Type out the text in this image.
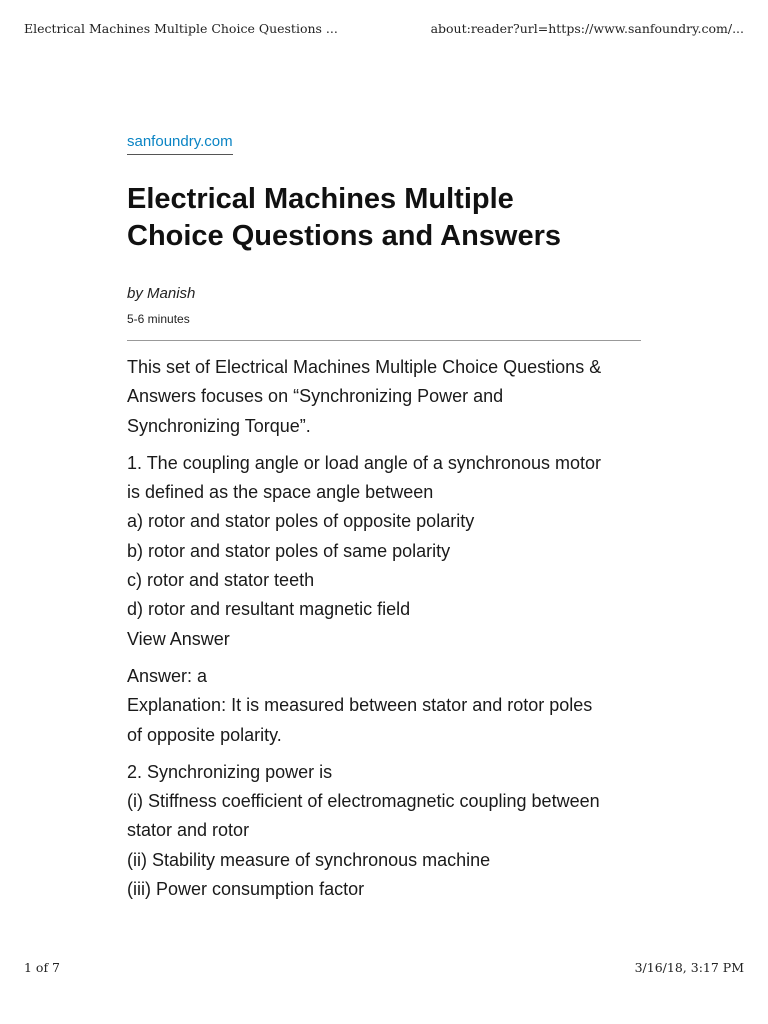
Electrical Machines Multiple Choice Questions ...	about:reader?url=https://www.sanfoundry.com/...
sanfoundry.com
Electrical Machines Multiple
Choice Questions and Answers
by Manish
5-6 minutes

This set of Electrical Machines Multiple Choice Questions &
Answers focuses on “Synchronizing Power and
Synchronizing Torque”.

1. The coupling angle or load angle of a synchronous motor
is defined as the space angle between
a) rotor and stator poles of opposite polarity
b) rotor and stator poles of same polarity
c) rotor and stator teeth
d) rotor and resultant magnetic field
View Answer

Answer: a
Explanation: It is measured between stator and rotor poles
of opposite polarity.

2. Synchronizing power is
(i) Stiffness coefficient of electromagnetic coupling between
stator and rotor
(ii) Stability measure of synchronous machine
(iii) Power consumption factor

1 of 7	3/16/18, 3:17 PM
